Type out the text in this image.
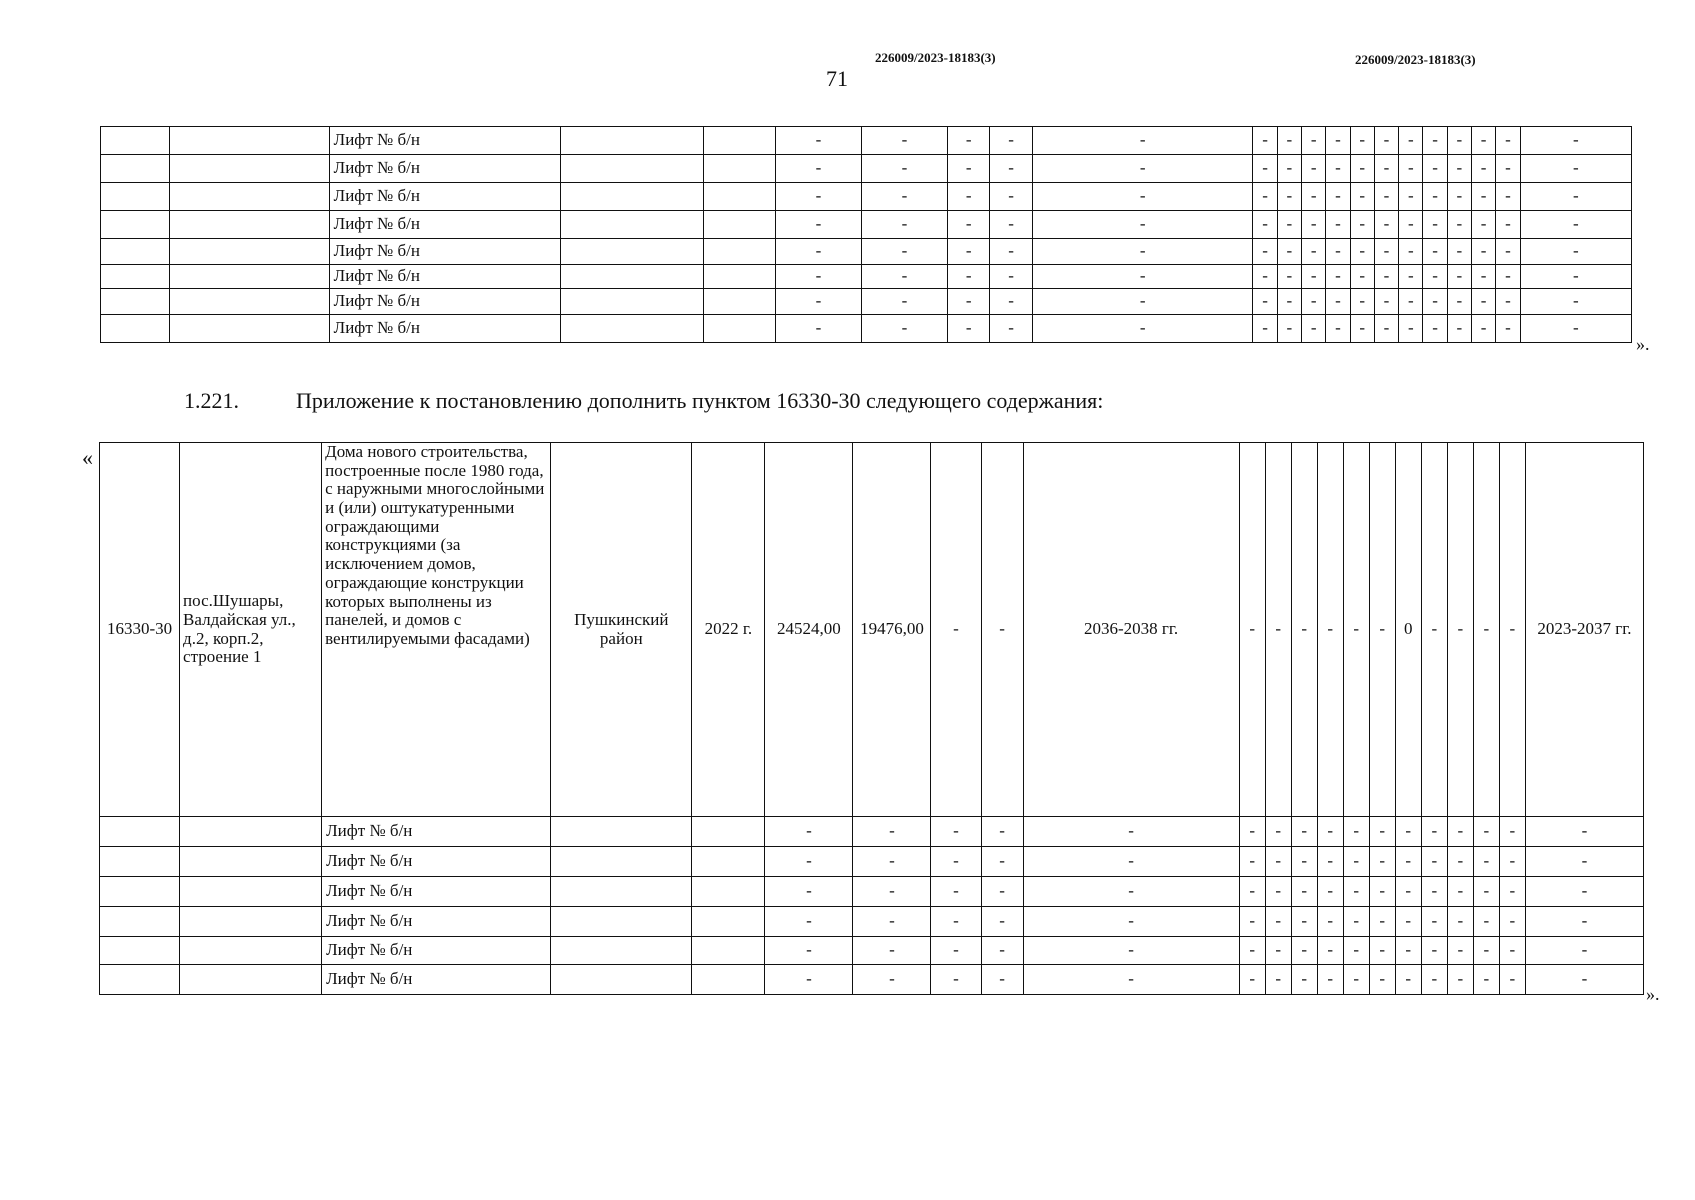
226009/2023-18183(3)	226009/2023-18183(3)
71
		Лифт № б/н			-	-	-	-	-	-	-	-	-	-	-	-	-	-	-	-	-
		Лифт № б/н			-	-	-	-	-	-	-	-	-	-	-	-	-	-	-	-	-
		Лифт № б/н			-	-	-	-	-	-	-	-	-	-	-	-	-	-	-	-	-
		Лифт № б/н			-	-	-	-	-	-	-	-	-	-	-	-	-	-	-	-	-
		Лифт № б/н			-	-	-	-	-	-	-	-	-	-	-	-	-	-	-	-	-
		Лифт № б/н			-	-	-	-	-	-	-	-	-	-	-	-	-	-	-	-	-
		Лифт № б/н			-	-	-	-	-	-	-	-	-	-	-	-	-	-	-	-	-
		Лифт № б/н			-	-	-	-	-	-	-	-	-	-	-	-	-	-	-	-	-
».
1.221.	Приложение к постановлению дополнить пунктом 16330-30 следующего содержания:
«
16330-30	пос.Шушары, Валдайская ул., д.2, корп.2, строение 1	Дома нового строительства, построенные после 1980 года, с наружными многослойными и (или) оштукатуренными ограждающими конструкциями (за исключением домов, ограждающие конструкции которых выполнены из панелей, и домов с вентилируемыми фасадами)	Пушкинский район	2022 г.	24524,00	19476,00	-	-	2036-2038 гг.	-	-	-	-	-	-	0	-	-	-	-	2023-2037 гг.
		Лифт № б/н			-	-	-	-	-	-	-	-	-	-	-	-	-	-	-	-	-
		Лифт № б/н			-	-	-	-	-	-	-	-	-	-	-	-	-	-	-	-	-
		Лифт № б/н			-	-	-	-	-	-	-	-	-	-	-	-	-	-	-	-	-
		Лифт № б/н			-	-	-	-	-	-	-	-	-	-	-	-	-	-	-	-	-
		Лифт № б/н			-	-	-	-	-	-	-	-	-	-	-	-	-	-	-	-	-
		Лифт № б/н			-	-	-	-	-	-	-	-	-	-	-	-	-	-	-	-	-
».
